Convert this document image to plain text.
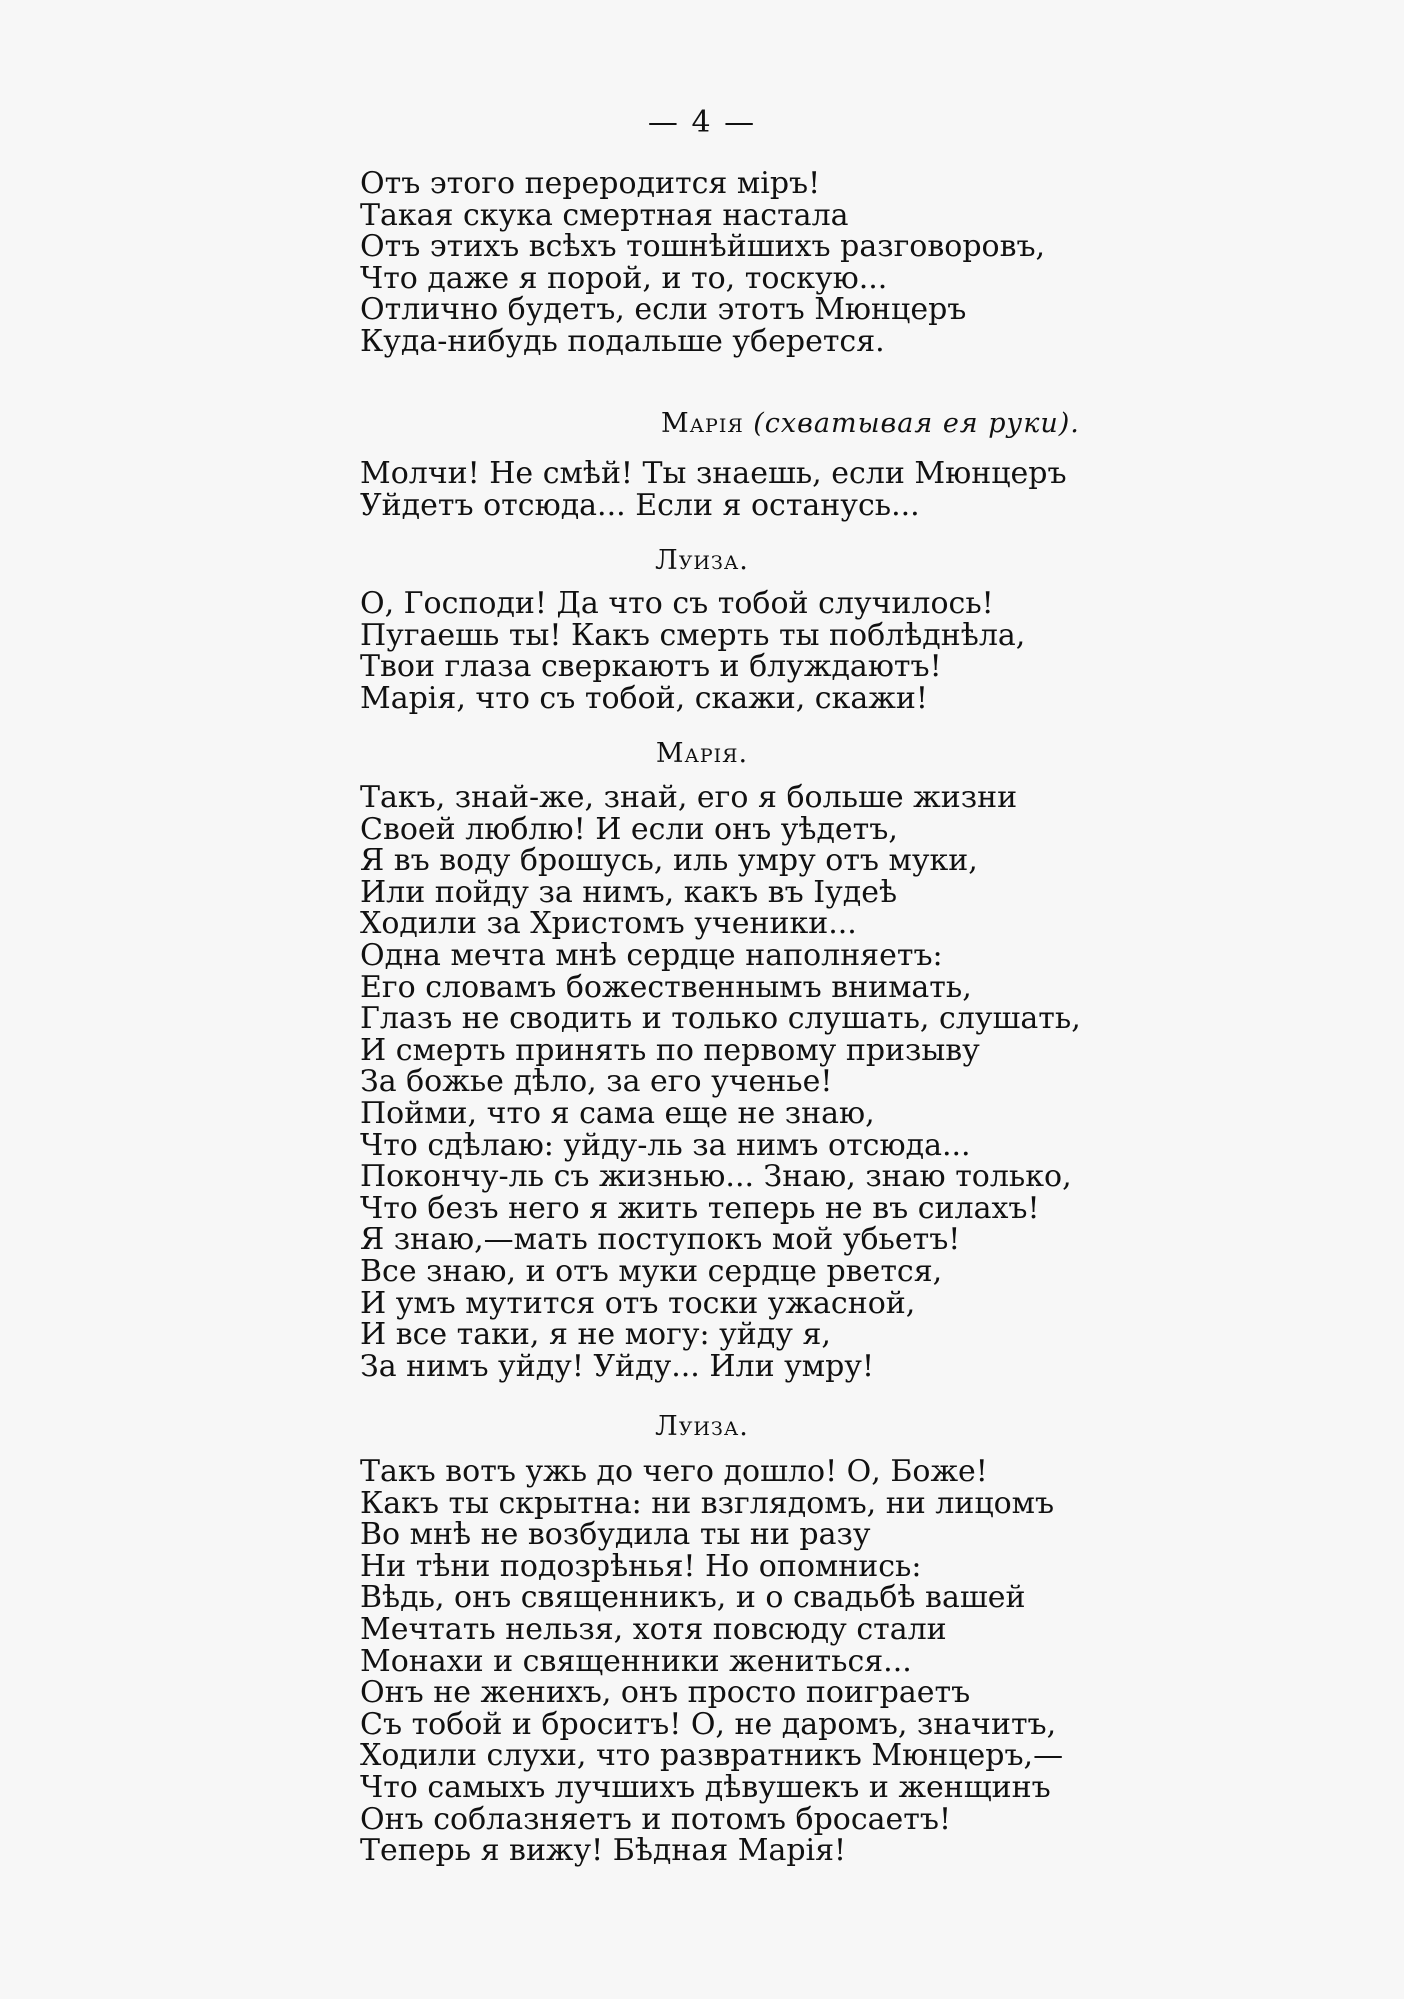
— 4 —
Отъ этого переродится міръ!
Такая скука смертная настала
Отъ этихъ всѣхъ тошнѣйшихъ разговоровъ,
Что даже я порой, и то, тоскую...
Отлично будетъ, если этотъ Мюнцеръ
Куда-нибудь подальше уберется.
Марія (схватывая ея руки).
Молчи! Не смѣй! Ты знаешь, если Мюнцеръ
Уйдетъ отсюда... Если я останусь...
Луиза.
О, Господи! Да что съ тобой случилось!
Пугаешь ты! Какъ смерть ты поблѣднѣла,
Твои глаза сверкаютъ и блуждаютъ!
Марія, что съ тобой, скажи, скажи!
Марія.
Такъ, знай-же, знай, его я больше жизни
Своей люблю! И если онъ уѣдетъ,
Я въ воду брошусь, иль умру отъ муки,
Или пойду за нимъ, какъ въ Іудеѣ
Ходили за Христомъ ученики...
Одна мечта мнѣ сердце наполняетъ:
Его словамъ божественнымъ внимать,
Глазъ не сводить и только слушать, слушать,
И смерть принять по первому призыву
За божье дѣло, за его ученье!
Пойми, что я сама еще не знаю,
Что сдѣлаю: уйду-ль за нимъ отсюда...
Покончу-ль съ жизнью... Знаю, знаю только,
Что безъ него я жить теперь не въ силахъ!
Я знаю,—мать поступокъ мой убьетъ!
Все знаю, и отъ муки сердце рвется,
И умъ мутится отъ тоски ужасной,
И все таки, я не могу: уйду я,
За нимъ уйду! Уйду... Или умру!
Луиза.
Такъ вотъ ужь до чего дошло! О, Боже!
Какъ ты скрытна: ни взглядомъ, ни лицомъ
Во мнѣ не возбудила ты ни разу
Ни тѣни подозрѣнья! Но опомнись:
Вѣдь, онъ священникъ, и о свадьбѣ вашей
Мечтать нельзя, хотя повсюду стали
Монахи и священники жениться...
Онъ не женихъ, онъ просто поиграетъ
Съ тобой и броситъ! О, не даромъ, значитъ,
Ходили слухи, что развратникъ Мюнцеръ,—
Что самыхъ лучшихъ дѣвушекъ и женщинъ
Онъ соблазняетъ и потомъ бросаетъ!
Теперь я вижу! Бѣдная Марія!
